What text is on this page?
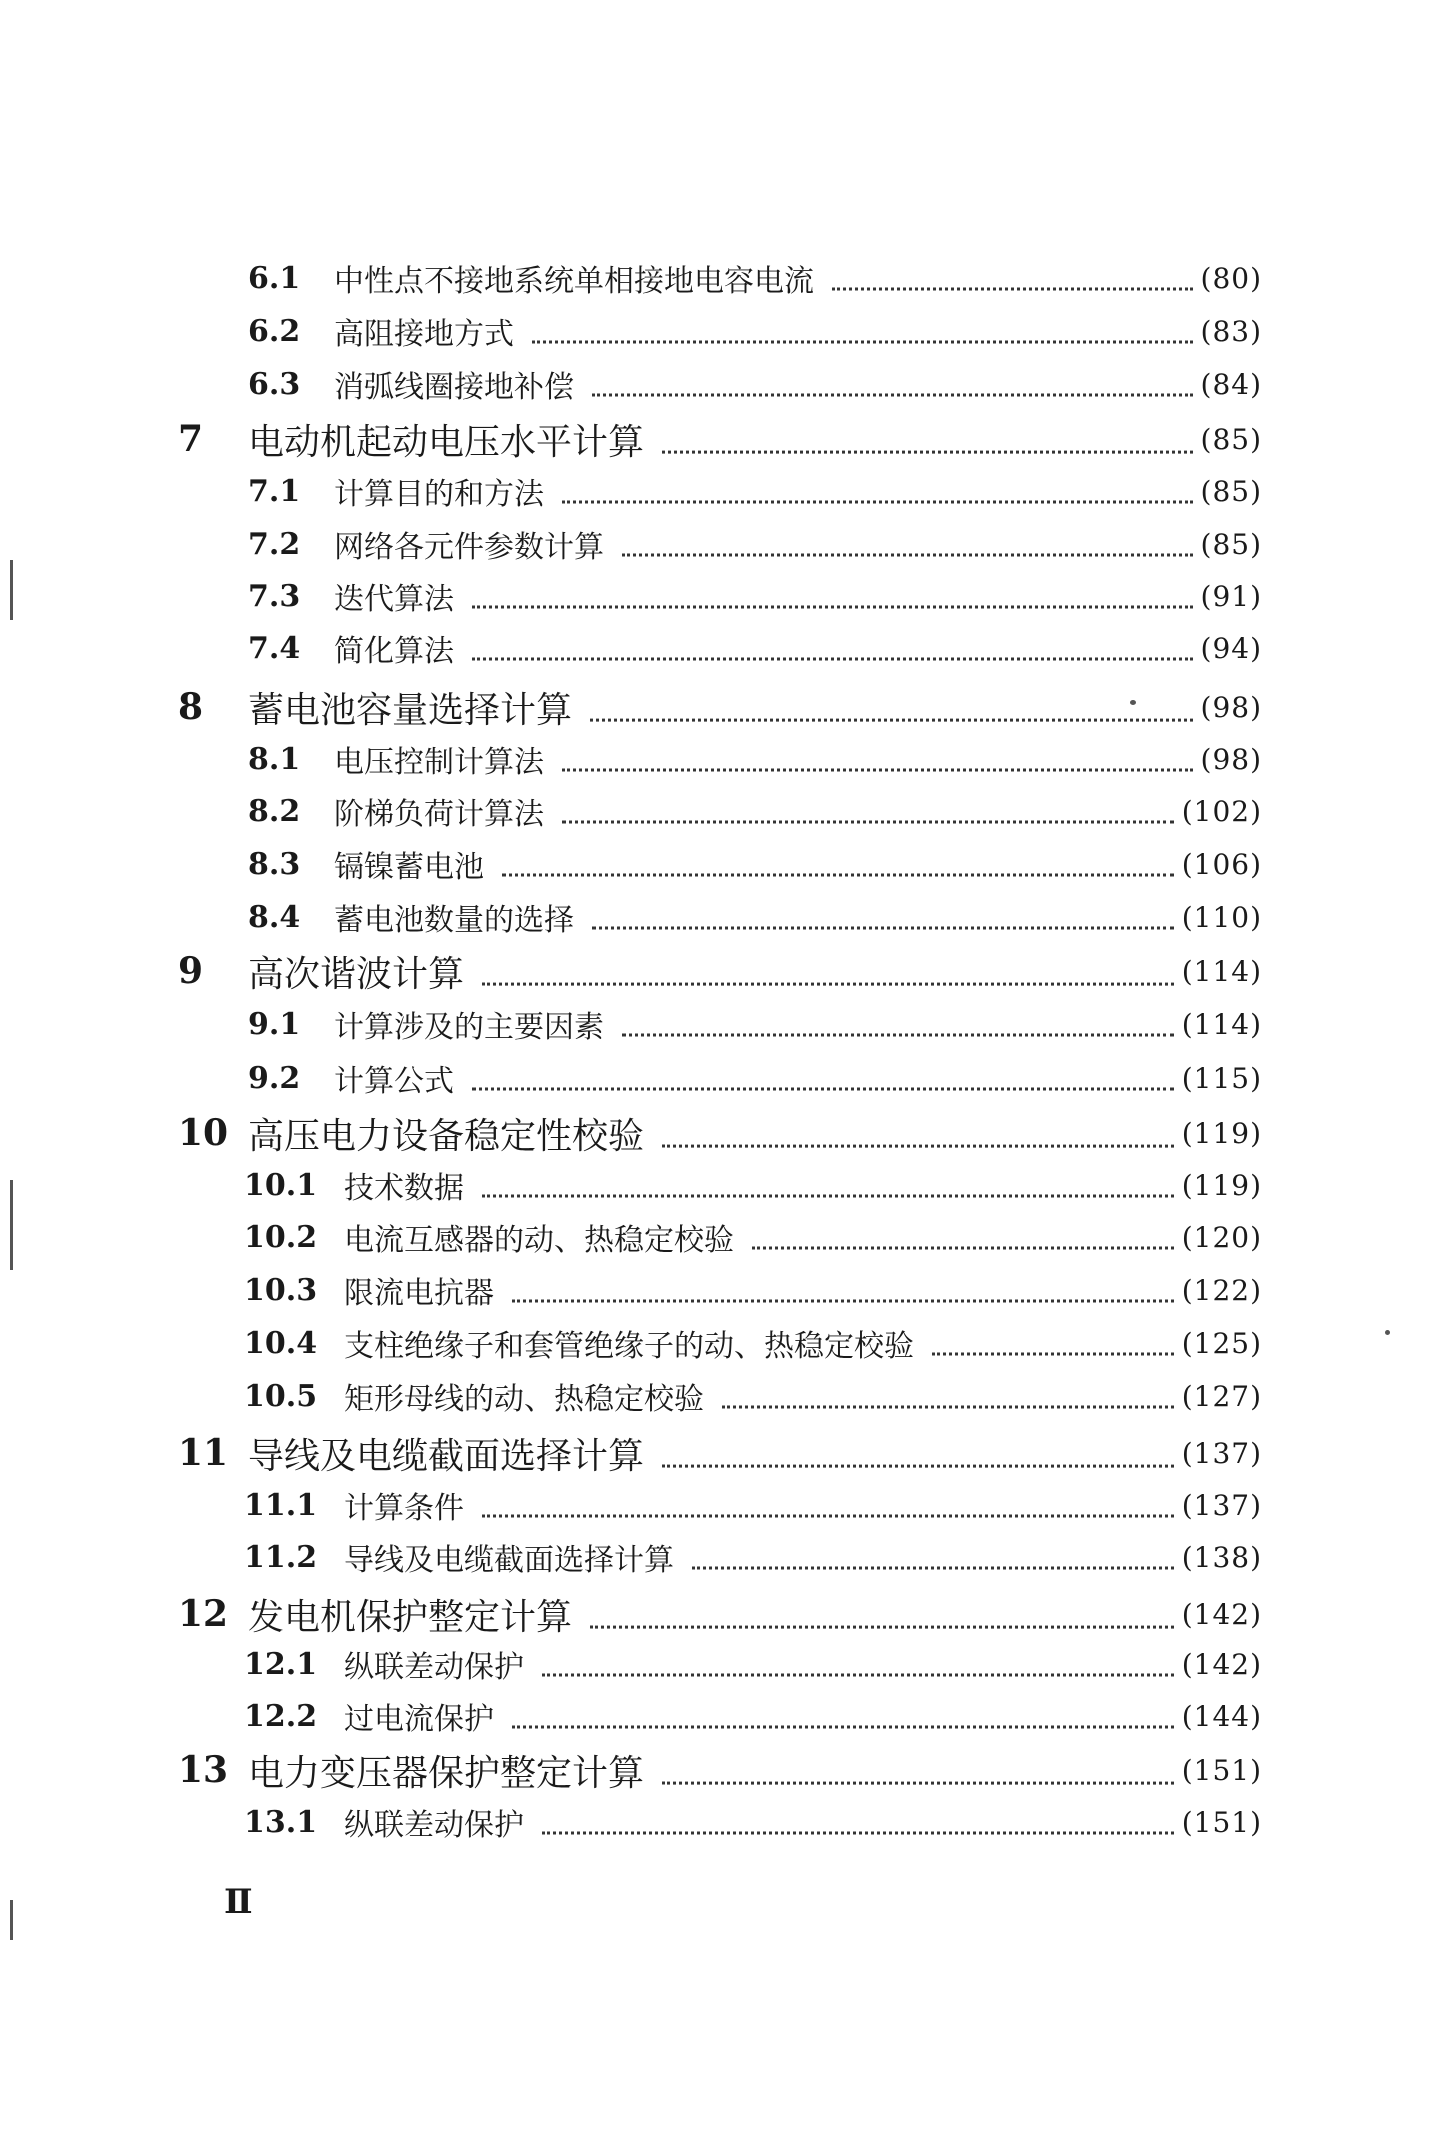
6.1	中性点不接地系统单相接地电容电流	(80)
6.2	高阻接地方式	(83)
6.3	消弧线圈接地补偿	(84)
7	电动机起动电压水平计算	(85)
7.1	计算目的和方法	(85)
7.2	网络各元件参数计算	(85)
7.3	迭代算法	(91)
7.4	简化算法	(94)
8	蓄电池容量选择计算	(98)
8.1	电压控制计算法	(98)
8.2	阶梯负荷计算法	(102)
8.3	镉镍蓄电池	(106)
8.4	蓄电池数量的选择	(110)
9	高次谐波计算	(114)
9.1	计算涉及的主要因素	(114)
9.2	计算公式	(115)
10 高压电力设备稳定性校验	(119)
10.1 技术数据	(119)
10.2 电流互感器的动、热稳定校验	(120)
10.3 限流电抗器	(122)
10.4 支柱绝缘子和套管绝缘子的动、热稳定校验	(125)
10.5 矩形母线的动、热稳定校验	(127)
11 导线及电缆截面选择计算	(137)
11.1 计算条件	(137)
11.2 导线及电缆截面选择计算	(138)
12 发电机保护整定计算	(142)
12.1 纵联差动保护	(142)
12.2 过电流保护	(144)
13 电力变压器保护整定计算	(151)
13.1 纵联差动保护	(151)
Ⅱ
